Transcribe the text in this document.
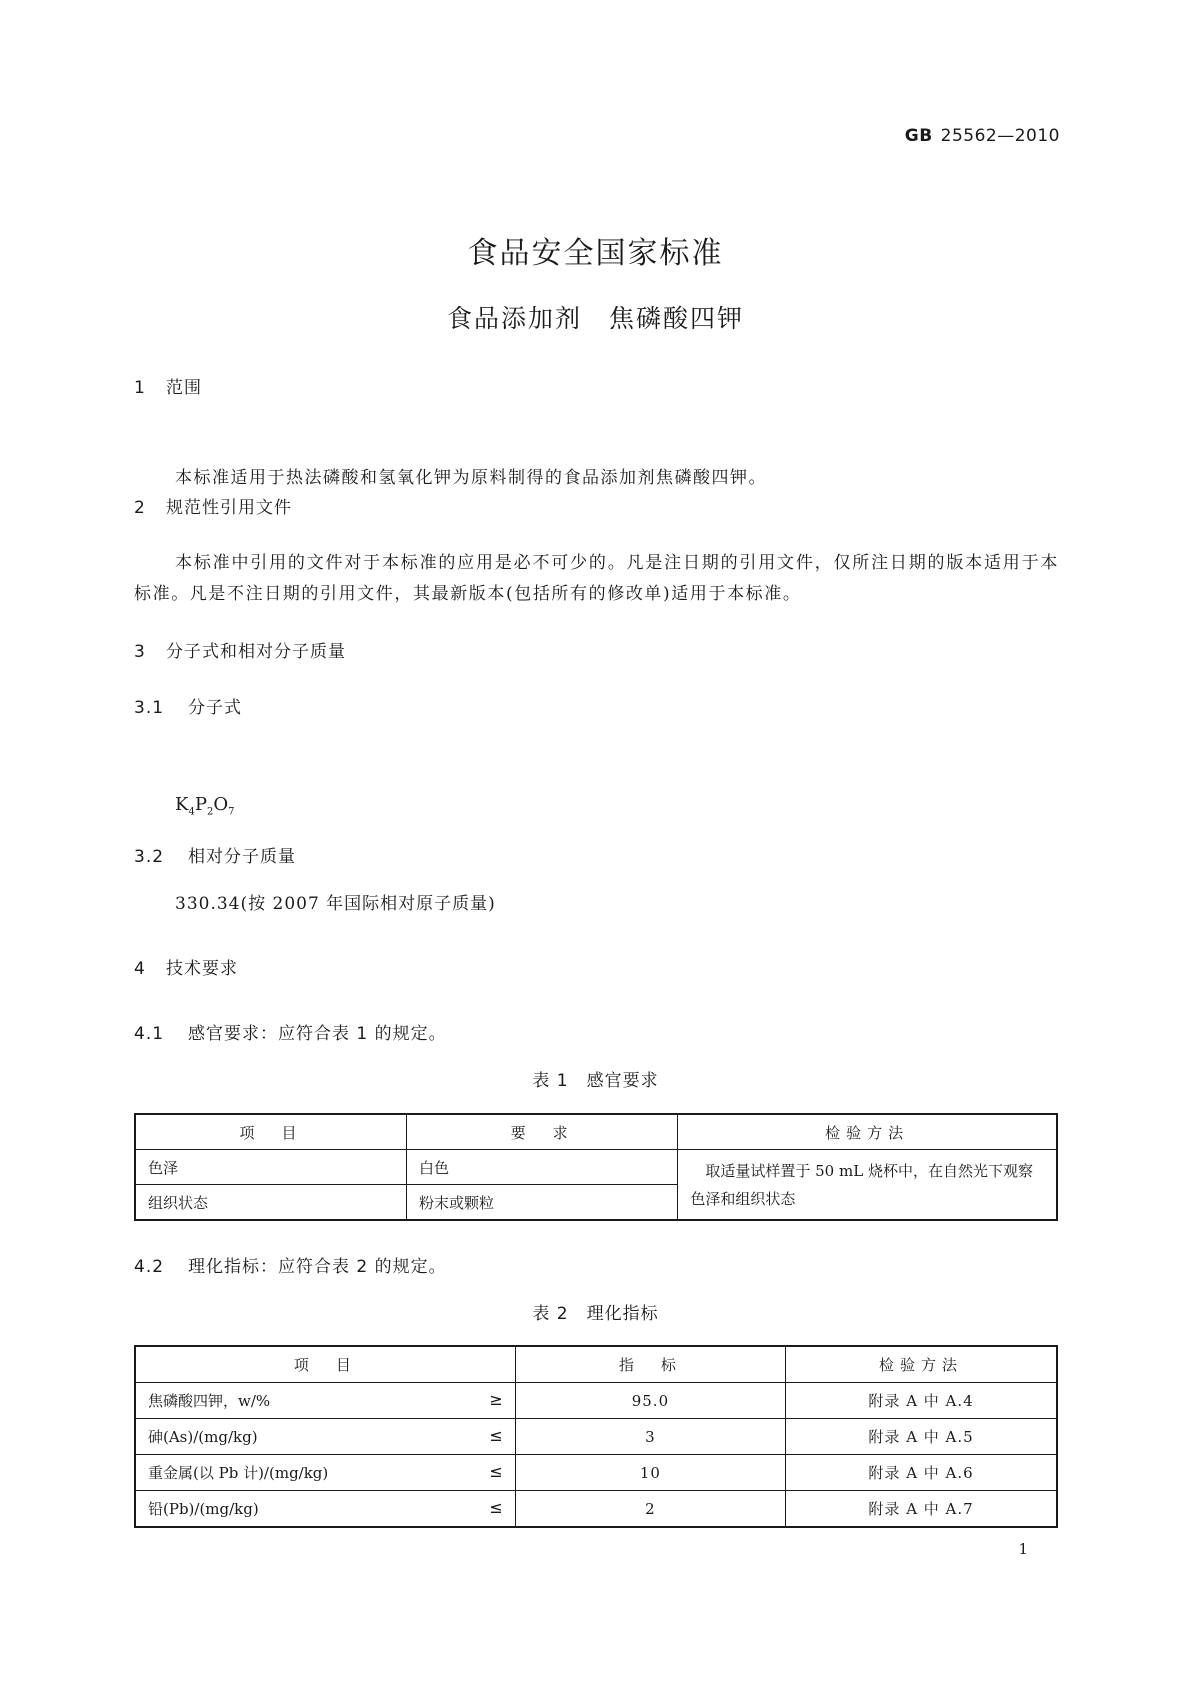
GB 25562—2010
食品安全国家标准
食品添加剂　焦磷酸四钾
1 范围
本标准适用于热法磷酸和氢氧化钾为原料制得的食品添加剂焦磷酸四钾。
2 规范性引用文件
本标准中引用的文件对于本标准的应用是必不可少的。凡是注日期的引用文件，仅所注日期的版本适用于本标准。凡是不注日期的引用文件，其最新版本(包括所有的修改单)适用于本标准。
3 分子式和相对分子质量
3.1 分子式
$K_4P_2O_7$
3.2 相对分子质量
330.34(按 2007 年国际相对原子质量)
4 技术要求
4.1 感官要求：应符合表 1 的规定。
表 1　感官要求
项　目	要　求	检验方法
色泽	白色	　取适量试样置于 50 mL 烧杯中，在自然光下观察色泽和组织状态
组织状态	粉末或颗粒	
4.2 理化指标：应符合表 2 的规定。
表 2　理化指标
项　目	指　标	检验方法
焦磷酸四钾，w/% ≥	95.0	附录 A 中 A.4
砷(As)/(mg/kg) ≤	3	附录 A 中 A.5
重金属(以 Pb 计)/(mg/kg) ≤	10	附录 A 中 A.6
铅(Pb)/(mg/kg) ≤	2	附录 A 中 A.7
1
